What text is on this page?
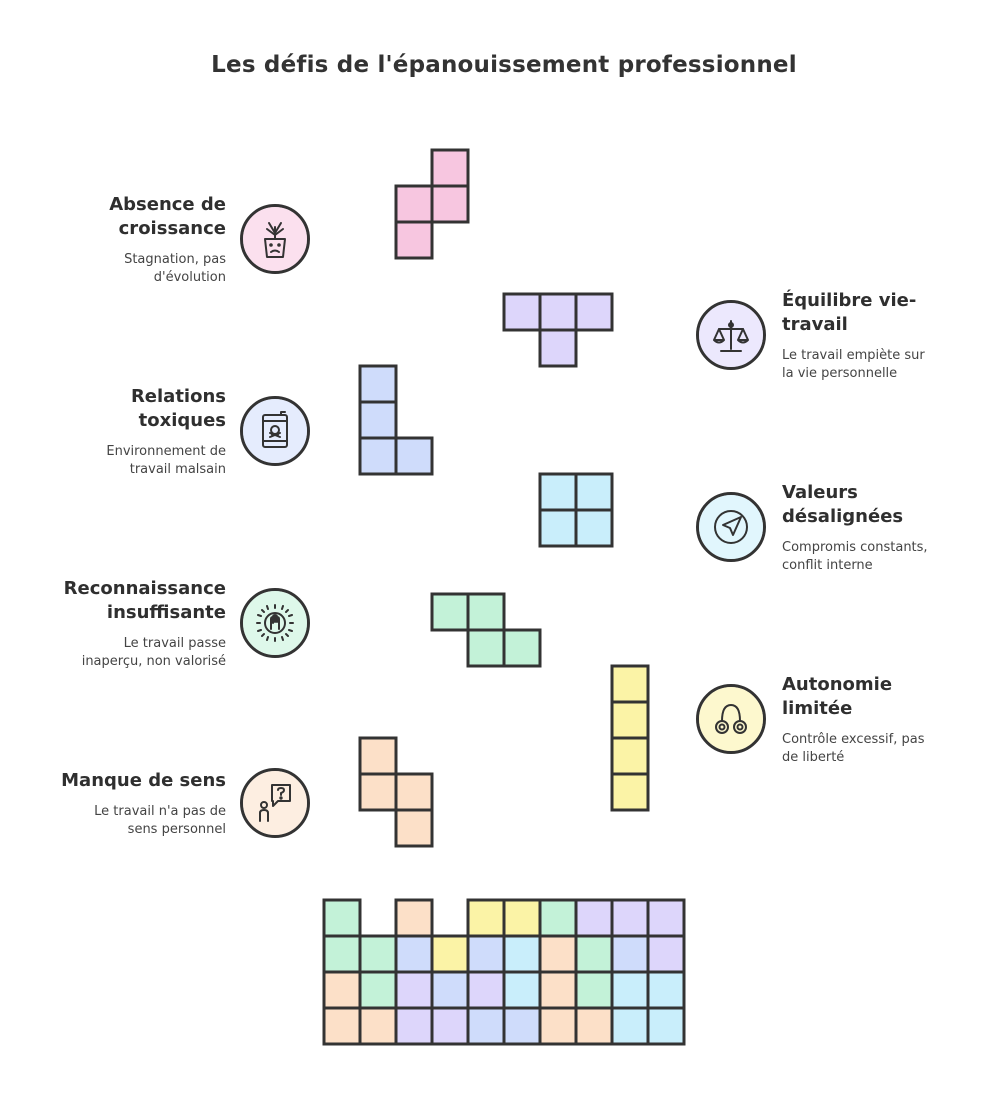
Les défis de l'épanouissement professionnel
Absence de
croissance
Stagnation, pas
d'évolution
Équilibre vie-
travail
Le travail empiète sur
la vie personnelle
Relations
toxiques
Environnement de
travail malsain
Valeurs
désalignées
Compromis constants,
conflit interne
Reconnaissance
insuffisante
Le travail passe
inaperçu, non valorisé
Autonomie
limitée
Contrôle excessif, pas
de liberté
Manque de sens
Le travail n'a pas de
sens personnel
